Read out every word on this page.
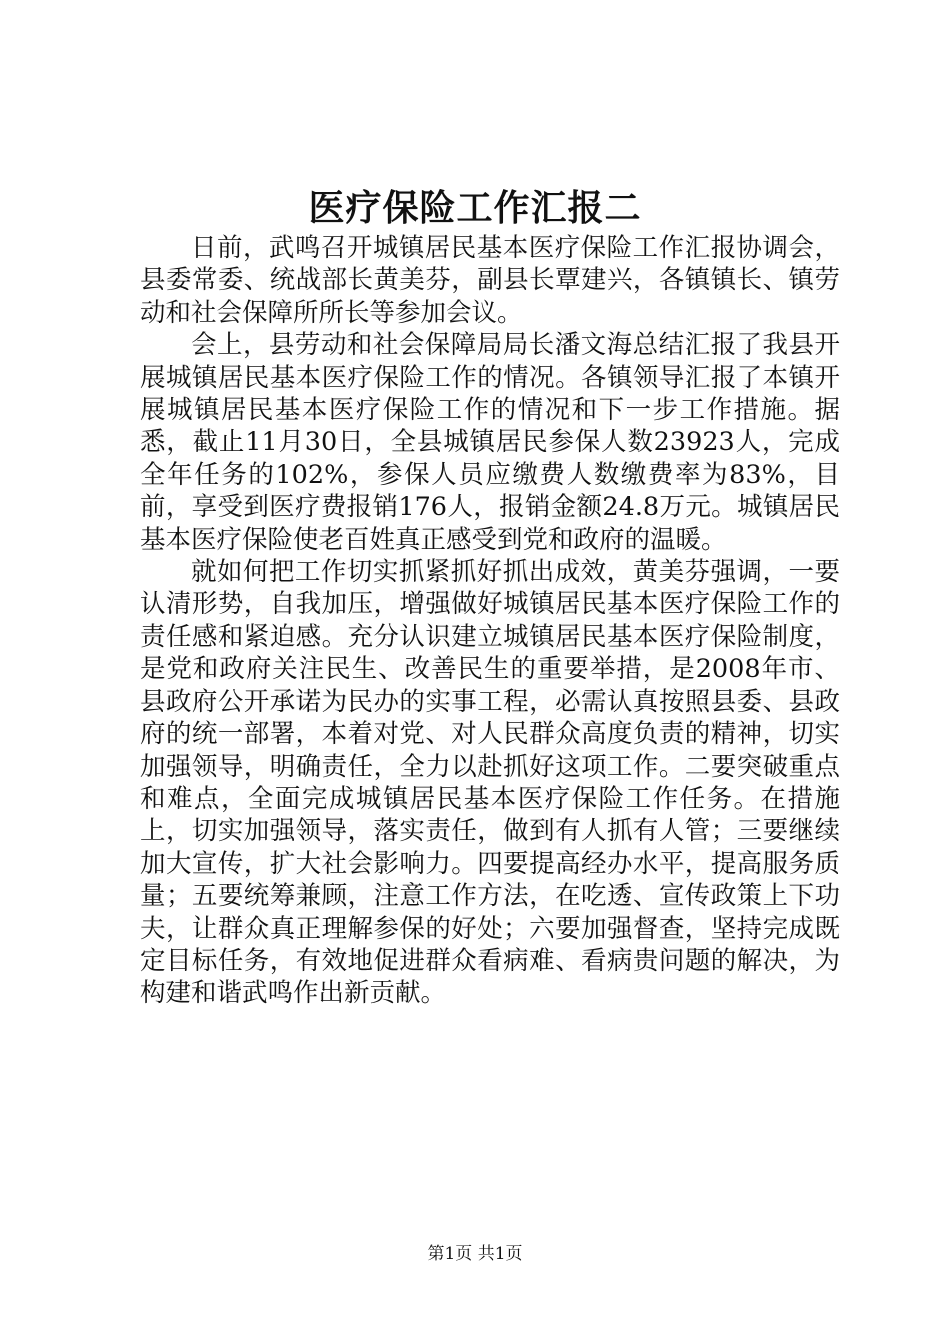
医疗保险工作汇报二

日前，武鸣召开城镇居民基本医疗保险工作汇报协调会，县委常委、统战部长黄美芬，副县长覃建兴，各镇镇长、镇劳动和社会保障所所长等参加会议。

会上，县劳动和社会保障局局长潘文海总结汇报了我县开展城镇居民基本医疗保险工作的情况。各镇领导汇报了本镇开展城镇居民基本医疗保险工作的情况和下一步工作措施。据悉，截止11月30日，全县城镇居民参保人数23923人，完成全年任务的102%，参保人员应缴费人数缴费率为83%，目前，享受到医疗费报销176人，报销金额24.8万元。城镇居民基本医疗保险使老百姓真正感受到党和政府的温暖。

就如何把工作切实抓紧抓好抓出成效，黄美芬强调，一要认清形势，自我加压，增强做好城镇居民基本医疗保险工作的责任感和紧迫感。充分认识建立城镇居民基本医疗保险制度，是党和政府关注民生、改善民生的重要举措，是2008年市、县政府公开承诺为民办的实事工程，必需认真按照县委、县政府的统一部署，本着对党、对人民群众高度负责的精神，切实加强领导，明确责任，全力以赴抓好这项工作。二要突破重点和难点，全面完成城镇居民基本医疗保险工作任务。在措施上，切实加强领导，落实责任，做到有人抓有人管；三要继续加大宣传，扩大社会影响力。四要提高经办水平，提高服务质量；五要统筹兼顾，注意工作方法，在吃透、宣传政策上下功夫，让群众真正理解参保的好处；六要加强督查，坚持完成既定目标任务，有效地促进群众看病难、看病贵问题的解决，为构建和谐武鸣作出新贡献。

第1页 共1页
